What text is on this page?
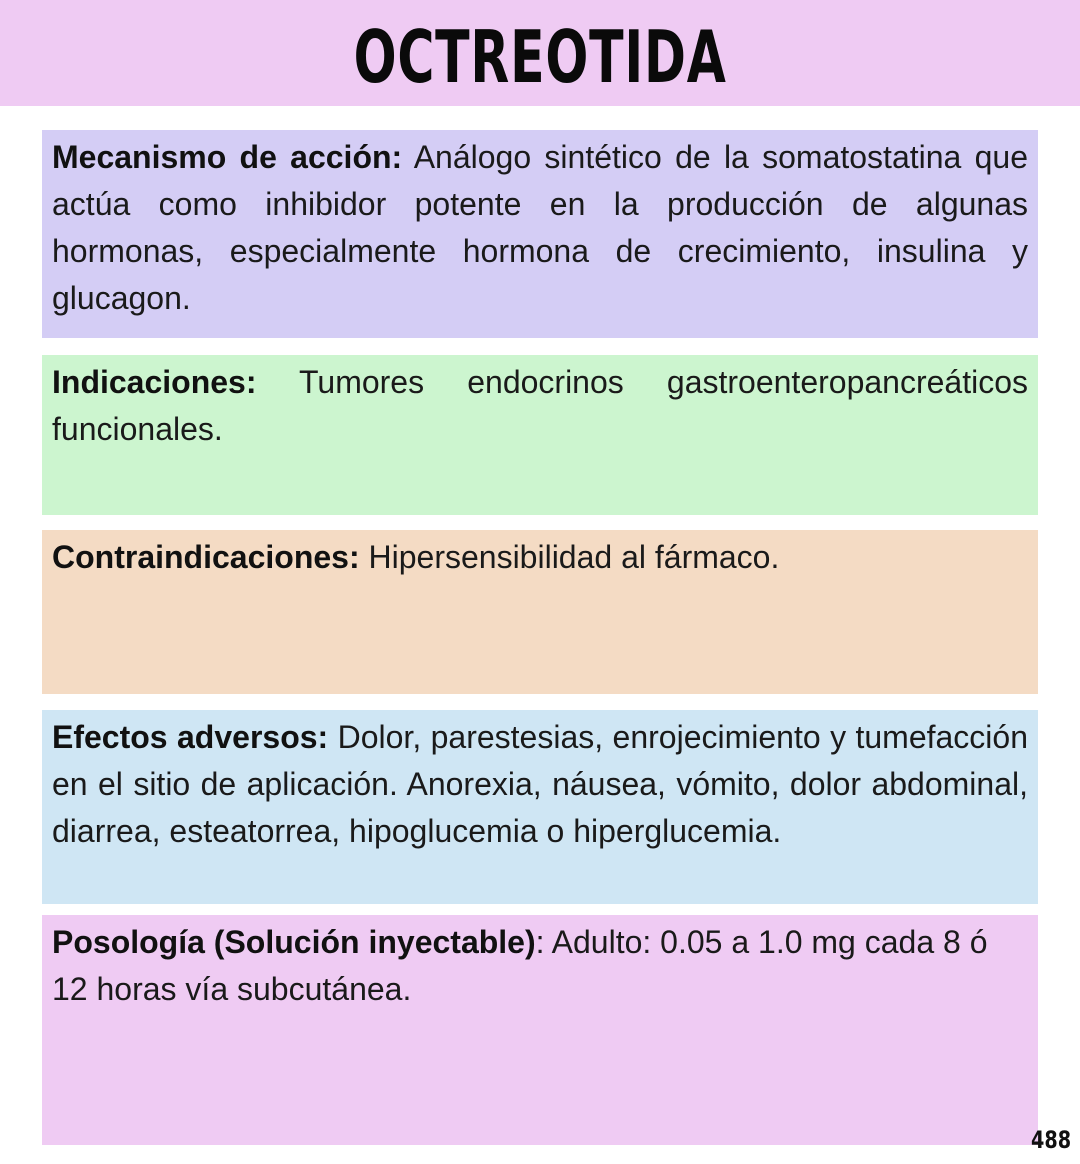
OCTREOTIDA
Mecanismo de acción: Análogo sintético de la somatostatina que actúa como inhibidor potente en la producción de algunas hormonas, especialmente hormona de crecimiento, insulina y glucagon.
Indicaciones: Tumores endocrinos gastroenteropancreáticos funcionales.
Contraindicaciones: Hipersensibilidad al fármaco.
Efectos adversos: Dolor, parestesias, enrojecimiento y tumefacción en el sitio de aplicación. Anorexia, náusea, vómito, dolor abdominal, diarrea, esteatorrea, hipoglucemia o hiperglucemia.
Posología (Solución inyectable): Adulto: 0.05 a 1.0 mg cada 8 ó 12 horas vía subcutánea.
488
